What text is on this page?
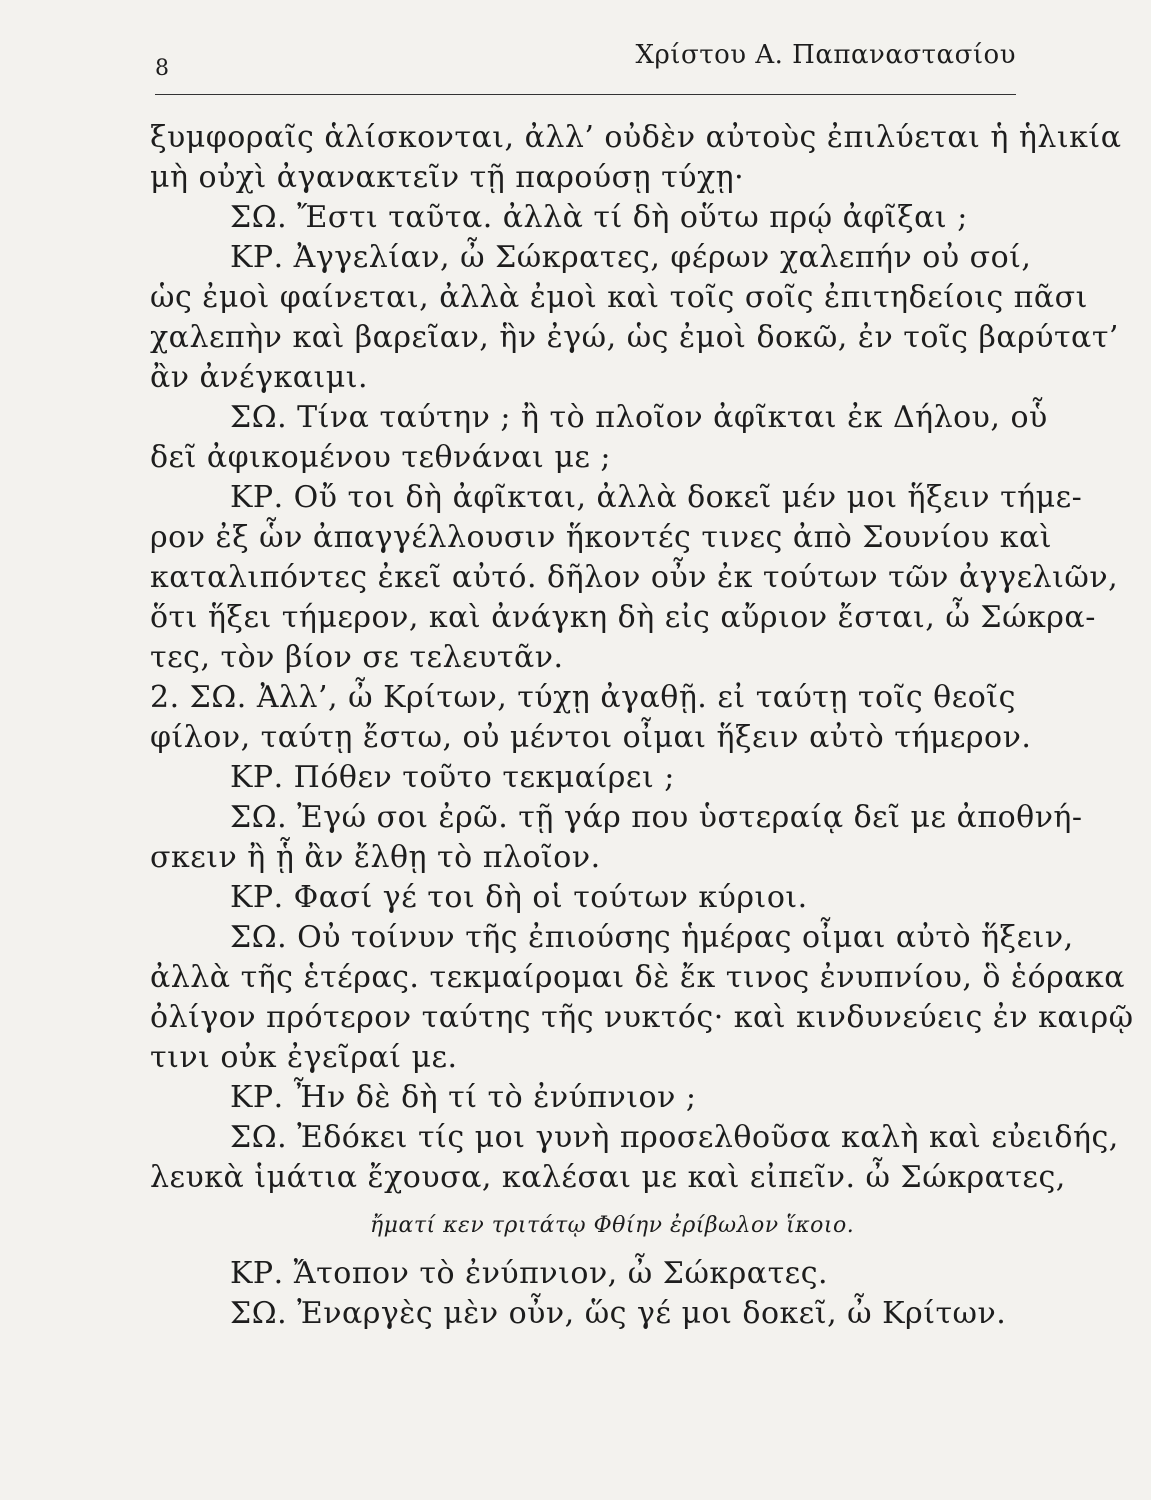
8	Χρίστου Α. Παπαναστασίου
ξυμφοραῖς ἁλίσκονται, ἀλλ’ οὐδὲν αὐτοὺς ἐπιλύεται ἡ ἡλικία
μὴ οὐχὶ ἀγανακτεῖν τῇ παρούσῃ τύχῃ·
ΣΩ. Ἔστι ταῦτα. ἀλλὰ τί δὴ οὕτω πρῴ ἀφῖξαι ;
ΚΡ. Ἀγγελίαν, ὦ Σώκρατες, φέρων χαλεπήν οὐ σοί,
ὡς ἐμοὶ φαίνεται, ἀλλὰ ἐμοὶ καὶ τοῖς σοῖς ἐπιτηδείοις πᾶσι
χαλεπὴν καὶ βαρεῖαν, ἣν ἐγώ, ὡς ἐμοὶ δοκῶ, ἐν τοῖς βαρύτατ’
ἂν ἀνέγκαιμι.
ΣΩ. Τίνα ταύτην ; ἢ τὸ πλοῖον ἀφῖκται ἐκ Δήλου, οὗ
δεῖ ἀφικομένου τεθνάναι με ;
ΚΡ. Οὔ τοι δὴ ἀφῖκται, ἀλλὰ δοκεῖ μέν μοι ἥξειν τήμε-
ρον ἐξ ὧν ἀπαγγέλλουσιν ἥκοντές τινες ἀπὸ Σουνίου καὶ
καταλιπόντες ἐκεῖ αὐτό. δῆλον οὖν ἐκ τούτων τῶν ἀγγελιῶν,
ὅτι ἥξει τήμερον, καὶ ἀνάγκη δὴ εἰς αὔριον ἔσται, ὦ Σώκρα-
τες, τὸν βίον σε τελευτᾶν.
2. ΣΩ. Ἀλλ’, ὦ Κρίτων, τύχῃ ἀγαθῇ. εἰ ταύτῃ τοῖς θεοῖς
φίλον, ταύτῃ ἔστω, οὐ μέντοι οἶμαι ἥξειν αὐτὸ τήμερον.
ΚΡ. Πόθεν τοῦτο τεκμαίρει ;
ΣΩ. Ἐγώ σοι ἐρῶ. τῇ γάρ που ὑστεραίᾳ δεῖ με ἀποθνή-
σκειν ἢ ᾗ ἂν ἔλθῃ τὸ πλοῖον.
ΚΡ. Φασί γέ τοι δὴ οἱ τούτων κύριοι.
ΣΩ. Οὐ τοίνυν τῆς ἐπιούσης ἡμέρας οἶμαι αὐτὸ ἥξειν,
ἀλλὰ τῆς ἑτέρας. τεκμαίρομαι δὲ ἔκ τινος ἐνυπνίου, ὃ ἑόρακα
ὀλίγον πρότερον ταύτης τῆς νυκτός· καὶ κινδυνεύεις ἐν καιρῷ
τινι οὐκ ἐγεῖραί με.
ΚΡ. Ἦν δὲ δὴ τί τὸ ἐνύπνιον ;
ΣΩ. Ἐδόκει τίς μοι γυνὴ προσελθοῦσα καλὴ καὶ εὐειδής,
λευκὰ ἱμάτια ἔχουσα, καλέσαι με καὶ εἰπεῖν. ὦ Σώκρατες,
ἤματί κεν τριτάτῳ Φθίην ἐρίβωλον ἵκοιο.
ΚΡ. Ἄτοπον τὸ ἐνύπνιον, ὦ Σώκρατες.
ΣΩ. Ἐναργὲς μὲν οὖν, ὥς γέ μοι δοκεῖ, ὦ Κρίτων.
